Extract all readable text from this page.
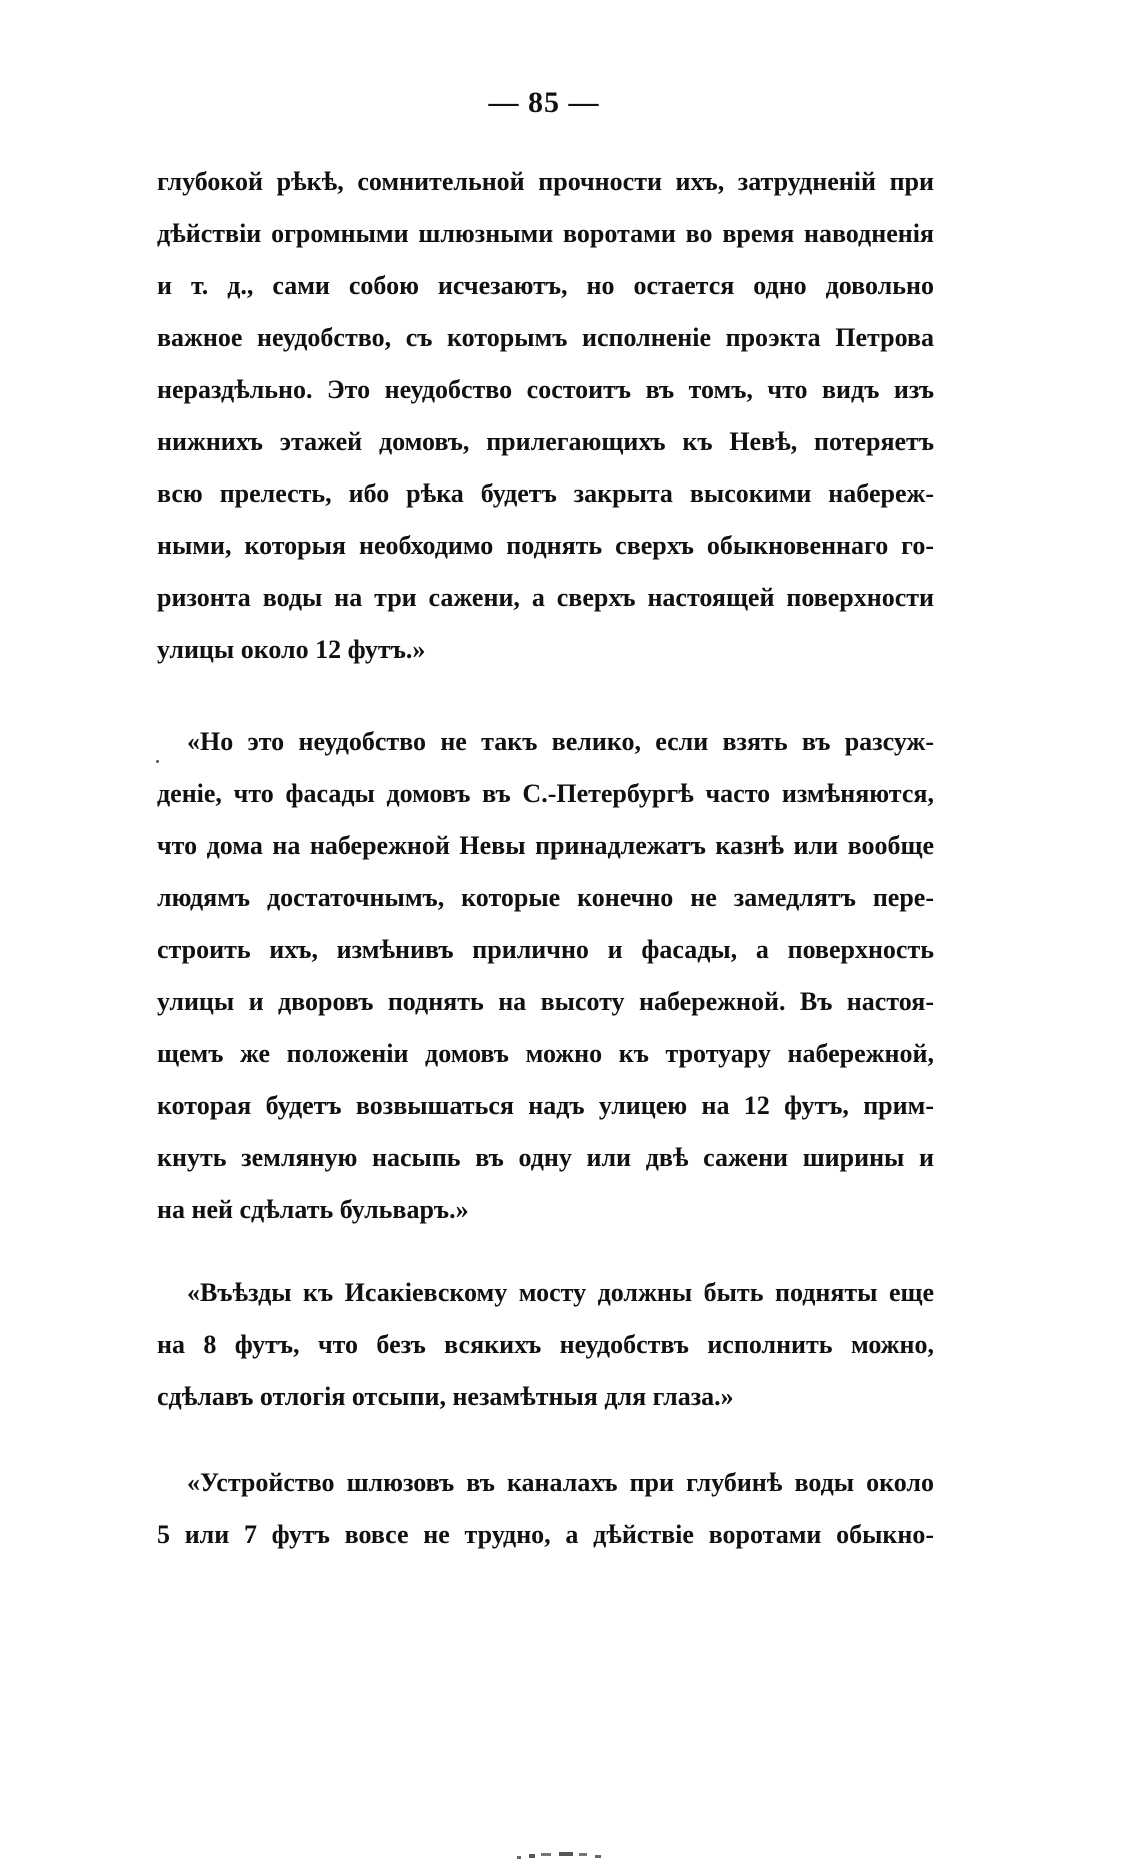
— 85 —
глубокой рѣкѣ, сомнительной прочности ихъ, затрудненій при
дѣйствіи огромными шлюзными воротами во время наводненія
и т. д., сами собою исчезаютъ, но остается одно довольно
важное неудобство, съ которымъ исполненіе проэкта Петрова
нераздѣльно. Это неудобство состоитъ въ томъ, что видъ изъ
нижнихъ этажей домовъ, прилегающихъ къ Невѣ, потеряетъ
всю прелесть, ибо рѣка будетъ закрыта высокими набереж-
ными, которыя необходимо поднять сверхъ обыкновеннаго го-
ризонта воды на три сажени, а сверхъ настоящей поверхности
улицы около 12 футъ.»
«Но это неудобство не такъ велико, если взять въ разсуж-
деніе, что фасады домовъ въ С.-Петербургѣ часто измѣняются,
что дома на набережной Невы принадлежатъ казнѣ или вообще
людямъ достаточнымъ, которые конечно не замедлятъ пере-
строить ихъ, измѣнивъ прилично и фасады, а поверхность
улицы и дворовъ поднять на высоту набережной. Въ настоя-
щемъ же положеніи домовъ можно къ тротуару набережной,
которая будетъ возвышаться надъ улицею на 12 футъ, прим-
кнуть земляную насыпь въ одну или двѣ сажени ширины и
на ней сдѣлать бульваръ.»
«Въѣзды къ Исакіевскому мосту должны быть подняты еще
на 8 футъ, что безъ всякихъ неудобствъ исполнить можно,
сдѣлавъ отлогія отсыпи, незамѣтныя для глаза.»
«Устройство шлюзовъ въ каналахъ при глубинѣ воды около
5 или 7 футъ вовсе не трудно, а дѣйствіе воротами обыкно-
